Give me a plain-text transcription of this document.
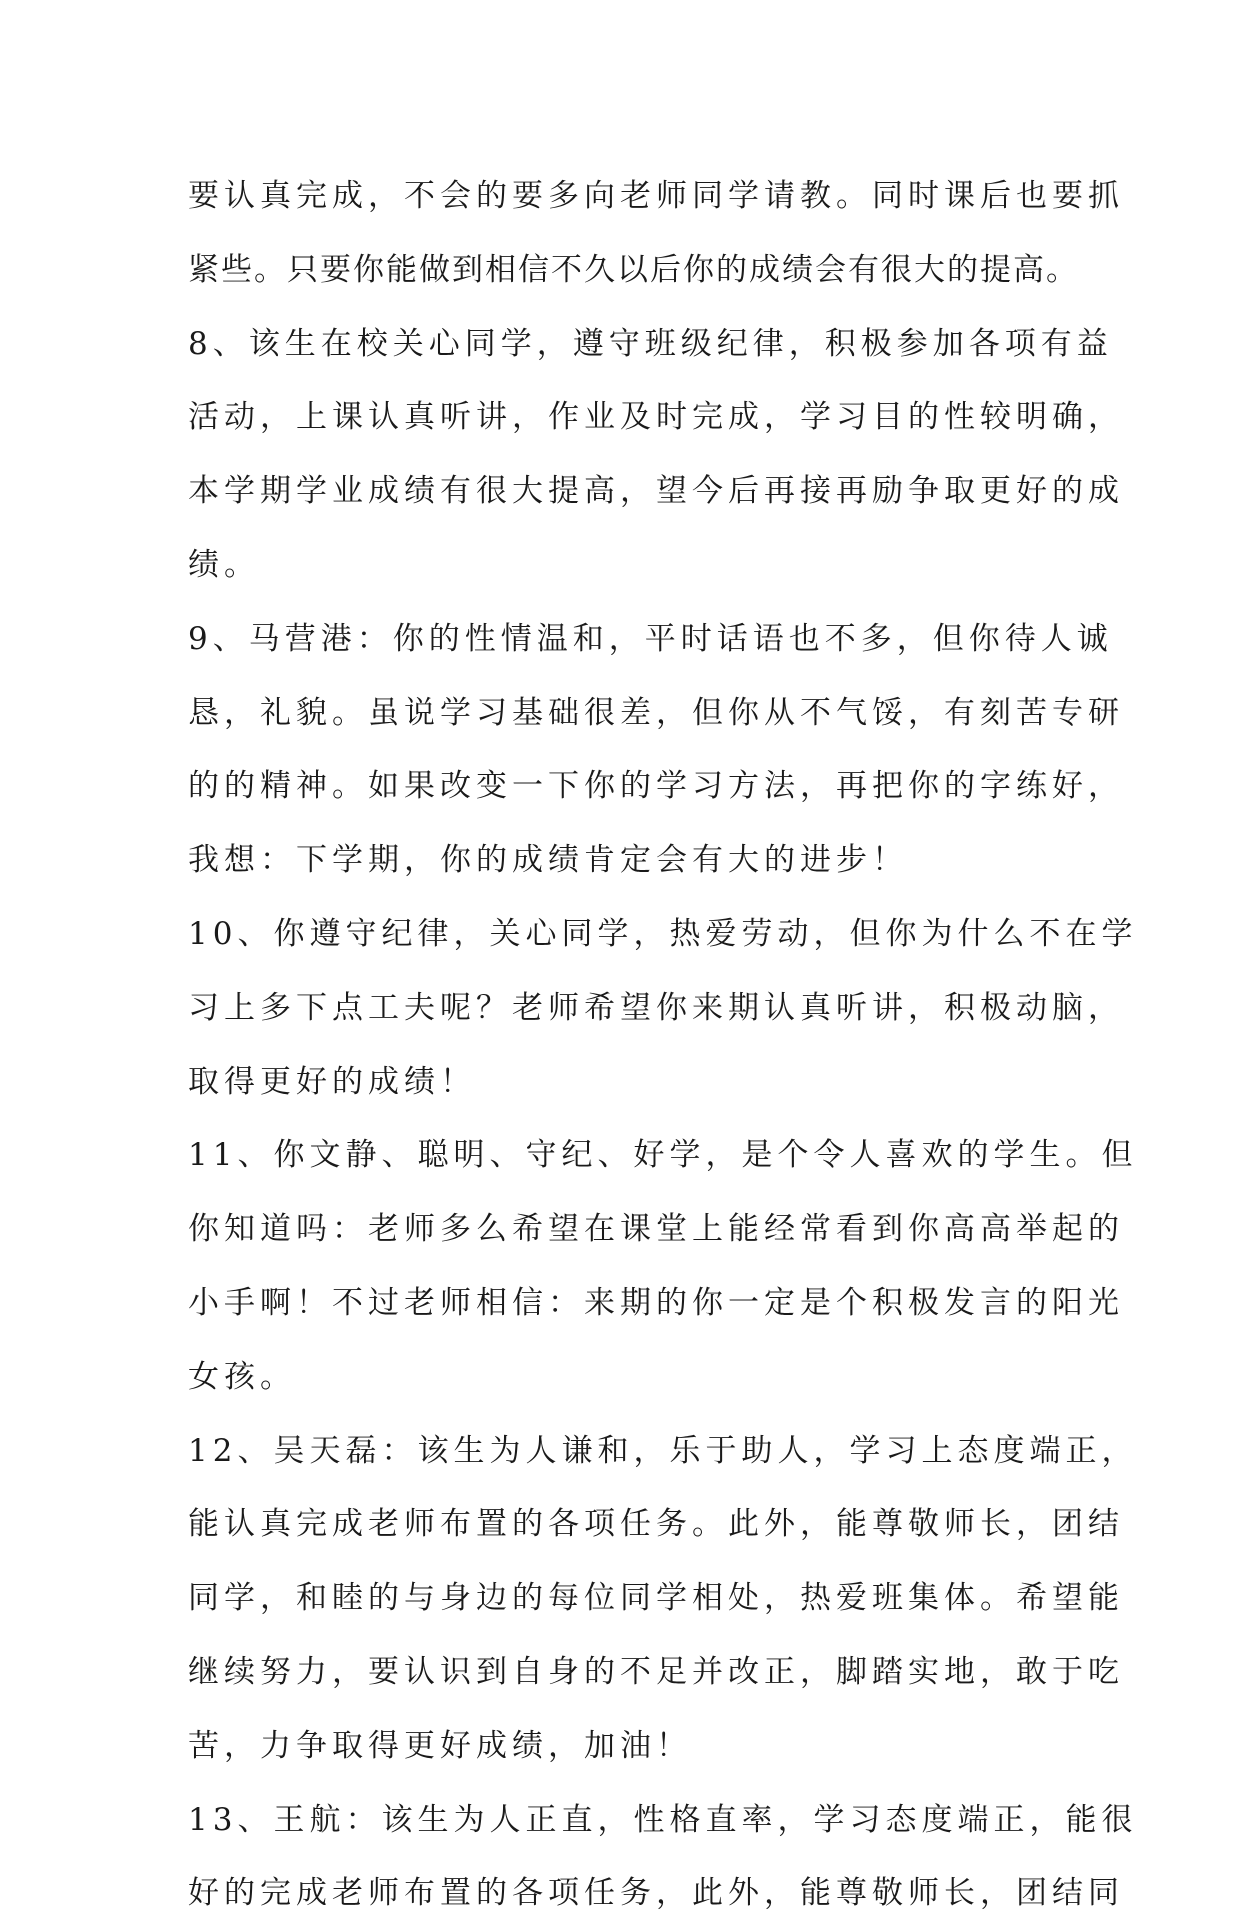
要认真完成，不会的要多向老师同学请教。同时课后也要抓
紧些。只要你能做到相信不久以后你的成绩会有很大的提高。
8、该生在校关心同学，遵守班级纪律，积极参加各项有益
活动，上课认真听讲，作业及时完成，学习目的性较明确，
本学期学业成绩有很大提高，望今后再接再励争取更好的成
绩。
9、马营港：你的性情温和，平时话语也不多，但你待人诚
恳，礼貌。虽说学习基础很差，但你从不气馁，有刻苦专研
的的精神。如果改变一下你的学习方法，再把你的字练好，
我想：下学期，你的成绩肯定会有大的进步！
10、你遵守纪律，关心同学，热爱劳动，但你为什么不在学
习上多下点工夫呢？老师希望你来期认真听讲，积极动脑，
取得更好的成绩！
11、你文静、聪明、守纪、好学，是个令人喜欢的学生。但
你知道吗：老师多么希望在课堂上能经常看到你高高举起的
小手啊！不过老师相信：来期的你一定是个积极发言的阳光
女孩。
12、吴天磊：该生为人谦和，乐于助人，学习上态度端正，
能认真完成老师布置的各项任务。此外，能尊敬师长，团结
同学，和睦的与身边的每位同学相处，热爱班集体。希望能
继续努力，要认识到自身的不足并改正，脚踏实地，敢于吃
苦，力争取得更好成绩，加油！
13、王航：该生为人正直，性格直率，学习态度端正，能很
好的完成老师布置的各项任务，此外，能尊敬师长，团结同
